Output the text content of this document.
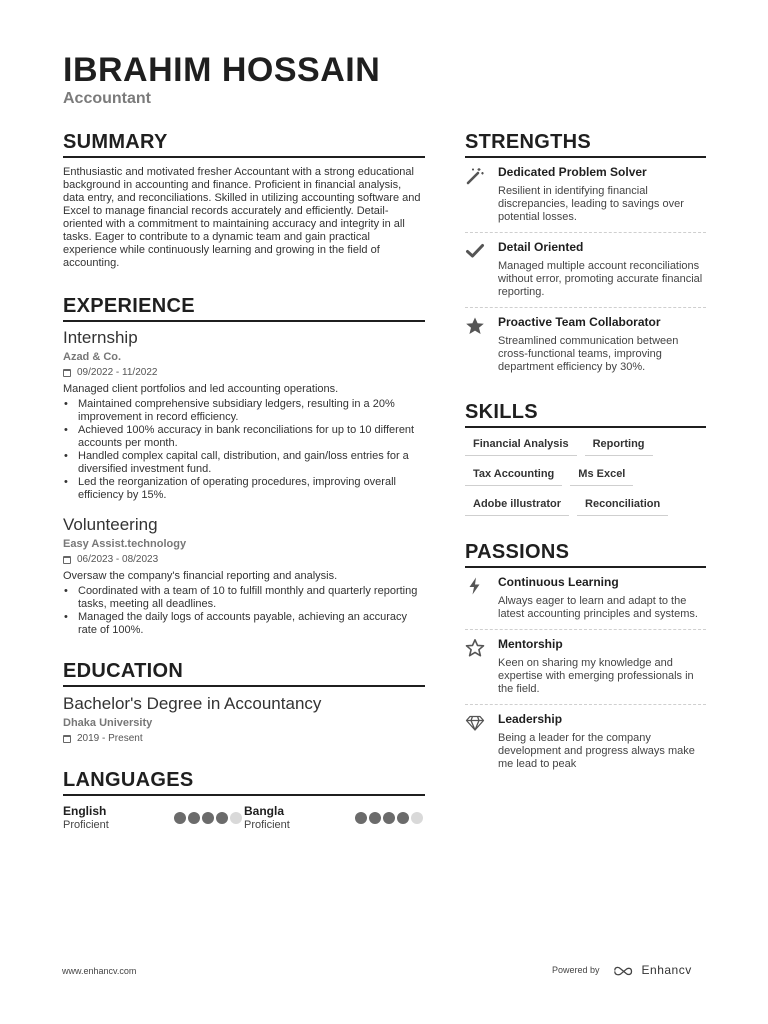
IBRAHIM HOSSAIN
Accountant
SUMMARY
Enthusiastic and motivated fresher Accountant with a strong educational background in accounting and finance. Proficient in financial analysis, data entry, and reconciliations. Skilled in utilizing accounting software and Excel to manage financial records accurately and efficiently. Detail-oriented with a commitment to maintaining accuracy and integrity in all tasks. Eager to contribute to a dynamic team and gain practical experience while continuously learning and growing in the field of accounting.
EXPERIENCE
Internship
Azad & Co.
09/2022 - 11/2022
Managed client portfolios and led accounting operations.
• Maintained comprehensive subsidiary ledgers, resulting in a 20% improvement in record efficiency.
• Achieved 100% accuracy in bank reconciliations for up to 10 different accounts per month.
• Handled complex capital call, distribution, and gain/loss entries for a diversified investment fund.
• Led the reorganization of operating procedures, improving overall efficiency by 15%.
Volunteering
Easy Assist.technology
06/2023 - 08/2023
Oversaw the company's financial reporting and analysis.
• Coordinated with a team of 10 to fulfill monthly and quarterly reporting tasks, meeting all deadlines.
• Managed the daily logs of accounts payable, achieving an accuracy rate of 100%.
EDUCATION
Bachelor's Degree in Accountancy
Dhaka University
2019 - Present
LANGUAGES
English
Proficient
Bangla
Proficient
STRENGTHS
Dedicated Problem Solver
Resilient in identifying financial discrepancies, leading to savings over potential losses.
Detail Oriented
Managed multiple account reconciliations without error, promoting accurate financial reporting.
Proactive Team Collaborator
Streamlined communication between cross-functional teams, improving department efficiency by 30%.
SKILLS
Financial Analysis	Reporting
Tax Accounting	Ms Excel
Adobe illustrator	Reconciliation
PASSIONS
Continuous Learning
Always eager to learn and adapt to the latest accounting principles and systems.
Mentorship
Keen on sharing my knowledge and expertise with emerging professionals in the field.
Leadership
Being a leader for the company development and progress always make me lead to peak
www.enhancv.com	Powered by	Enhancv
